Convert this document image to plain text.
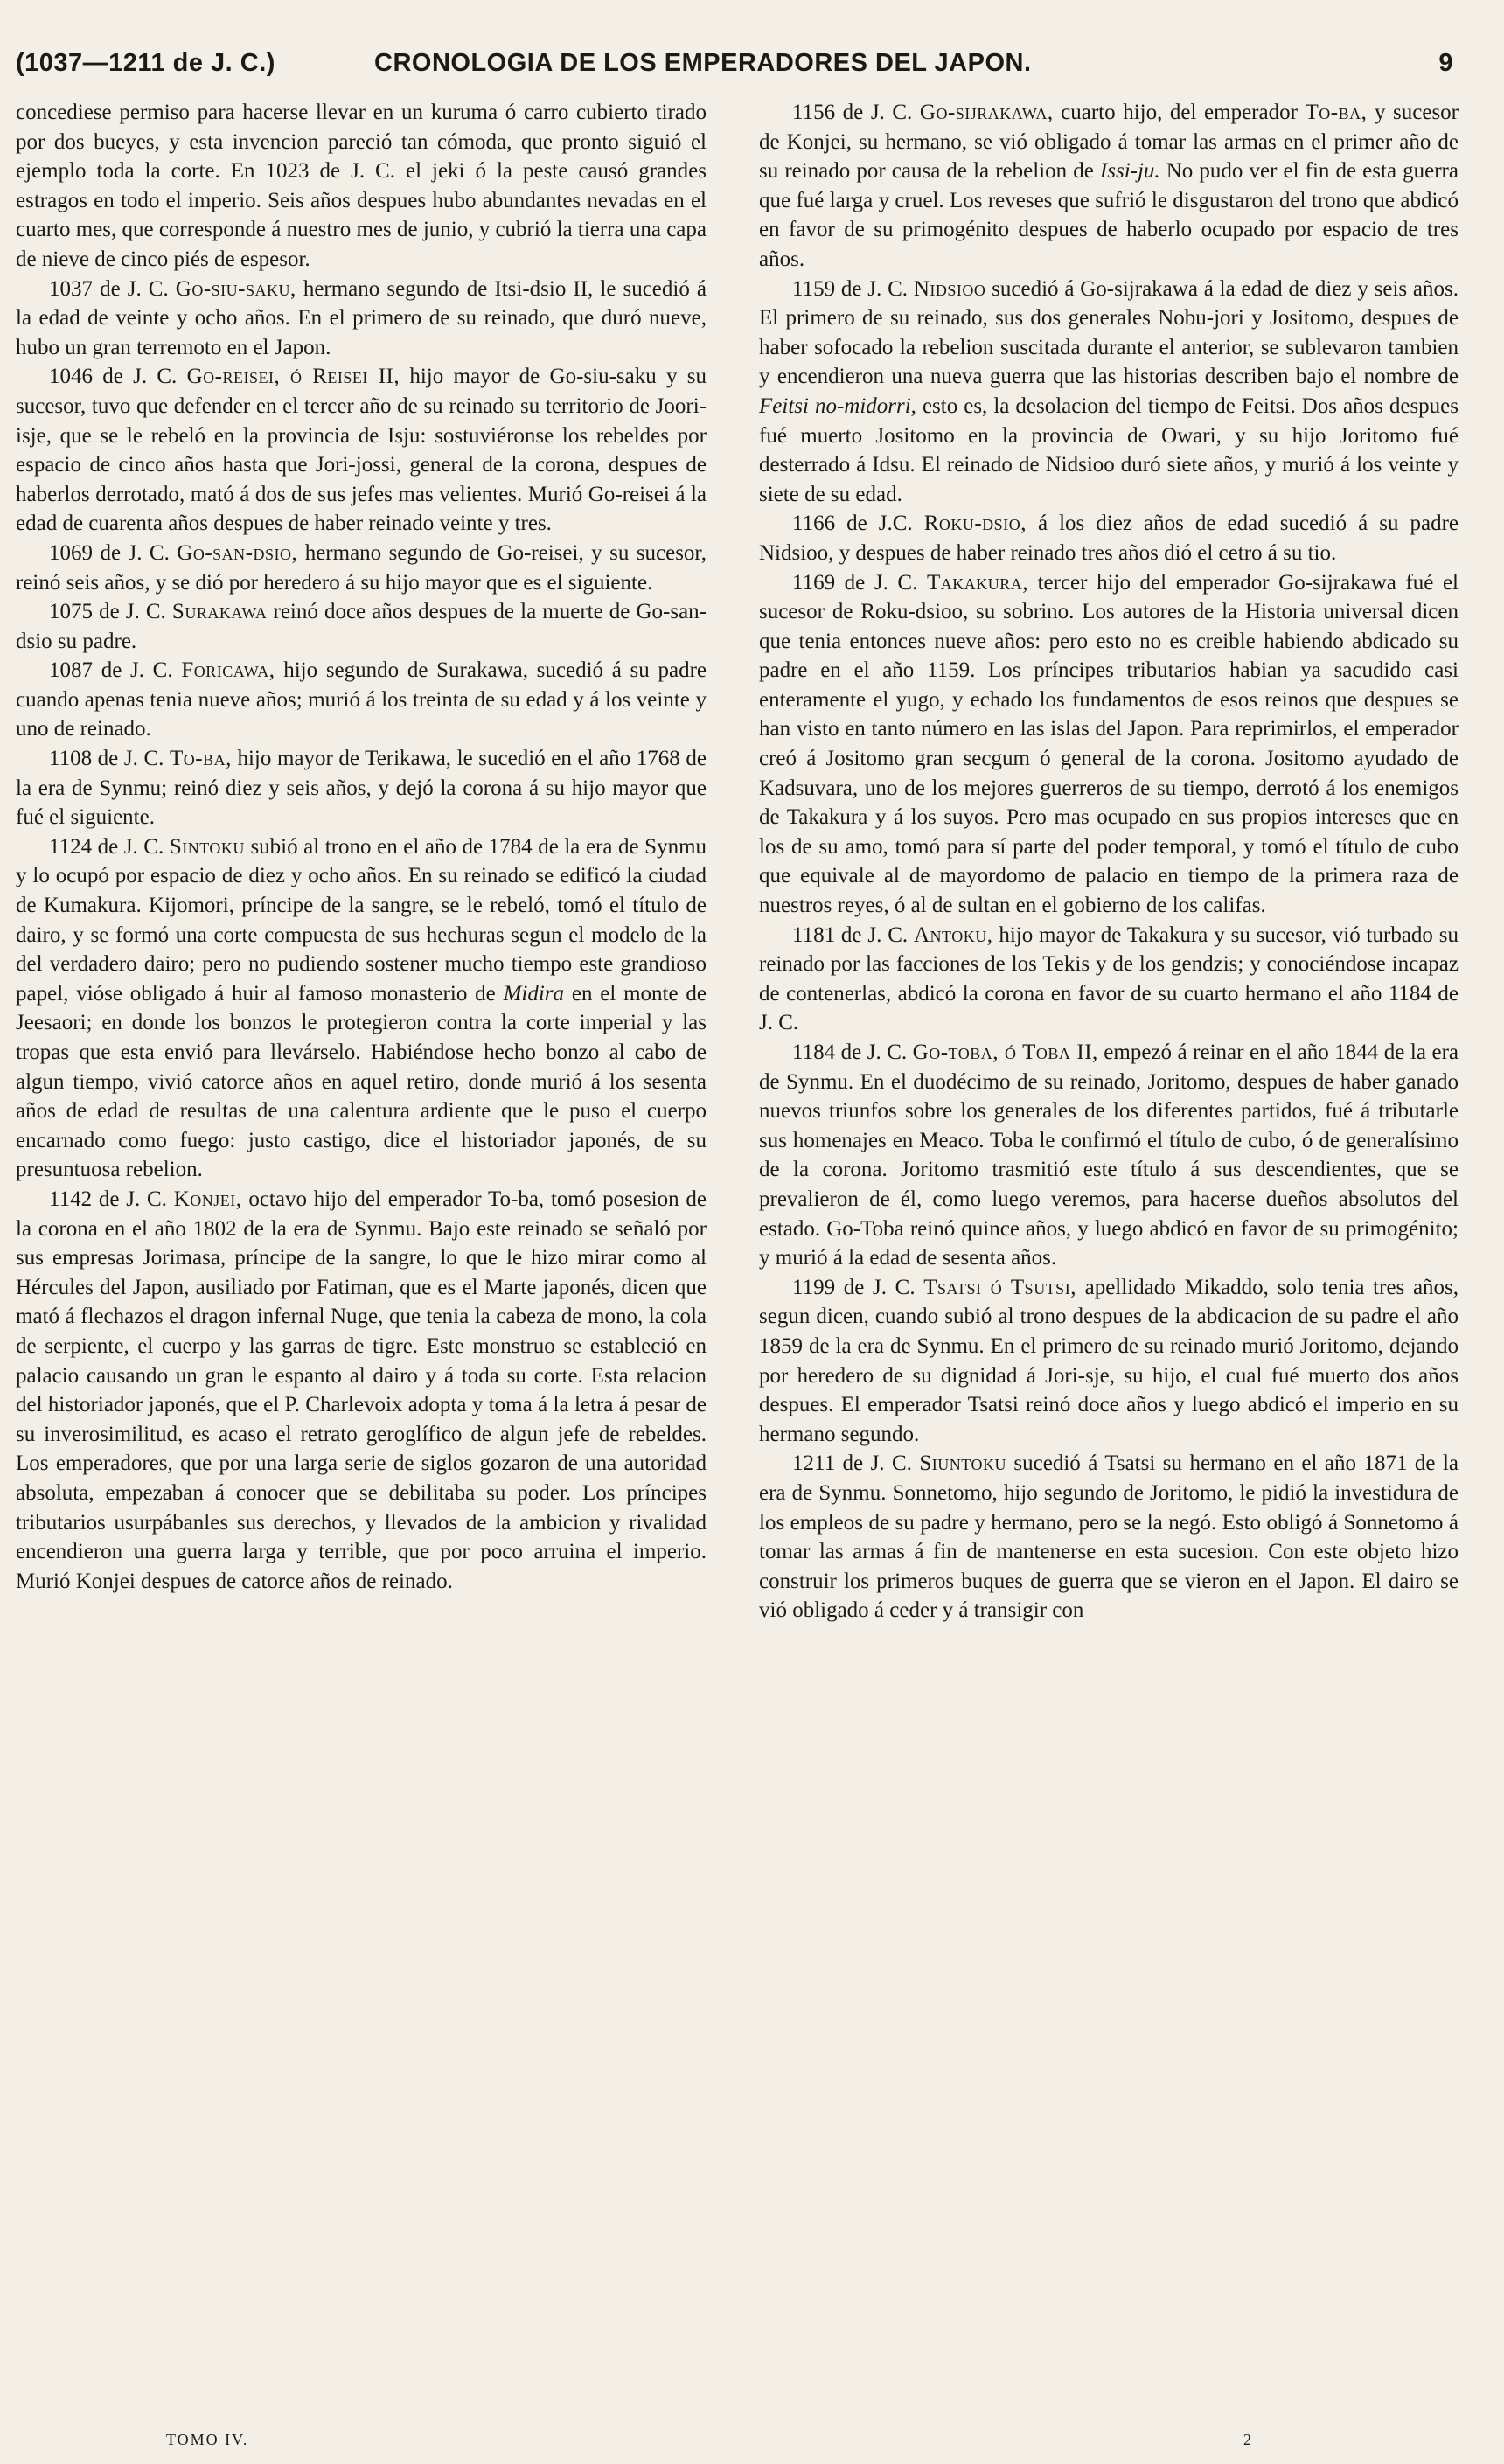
(1037—1211 de J. C.)	CRONOLOGIA DE LOS EMPERADORES DEL JAPON.	9

concediese permiso para hacerse llevar en un kuruma ó carro cubierto tirado por dos bueyes, y esta invencion pareció tan cómoda, que pronto siguió el ejemplo toda la corte. En 1023 de J. C. el jeki ó la peste causó grandes estragos en todo el imperio. Seis años despues hubo abundantes nevadas en el cuarto mes, que corresponde á nuestro mes de junio, y cubrió la tierra una capa de nieve de cinco piés de espesor.

1037 de J. C. Go-siu-saku, hermano segundo de Itsi-dsio II, le sucedió á la edad de veinte y ocho años. En el primero de su reinado, que duró nueve, hubo un gran terremoto en el Japon.

1046 de J. C. Go-reisei, ó Reisei II, hijo mayor de Go-siu-saku y su sucesor, tuvo que defender en el tercer año de su reinado su territorio de Joori-isje, que se le rebeló en la provincia de Isju: sostuviéronse los rebeldes por espacio de cinco años hasta que Jori-jossi, general de la corona, despues de haberlos derrotado, mató á dos de sus jefes mas velientes. Murió Go-reisei á la edad de cuarenta años despues de haber reinado veinte y tres.

1069 de J. C. Go-san-dsio, hermano segundo de Go-reisei, y su sucesor, reinó seis años, y se dió por heredero á su hijo mayor que es el siguiente.

1075 de J. C. Surakawa reinó doce años despues de la muerte de Go-san-dsio su padre.

1087 de J. C. Foricawa, hijo segundo de Surakawa, sucedió á su padre cuando apenas tenia nueve años; murió á los treinta de su edad y á los veinte y uno de reinado.

1108 de J. C. To-ba, hijo mayor de Terikawa, le sucedió en el año 1768 de la era de Synmu; reinó diez y seis años, y dejó la corona á su hijo mayor que fué el siguiente.

1124 de J. C. Sintoku subió al trono en el año de 1784 de la era de Synmu y lo ocupó por espacio de diez y ocho años. En su reinado se edificó la ciudad de Kumakura. Kijomori, príncipe de la sangre, se le rebeló, tomó el título de dairo, y se formó una corte compuesta de sus hechuras segun el modelo de la del verdadero dairo; pero no pudiendo sostener mucho tiempo este grandioso papel, vióse obligado á huir al famoso monasterio de Midira en el monte de Jeesaori; en donde los bonzos le protegieron contra la corte imperial y las tropas que esta envió para llevárselo. Habiéndose hecho bonzo al cabo de algun tiempo, vivió catorce años en aquel retiro, donde murió á los sesenta años de edad de resultas de una calentura ardiente que le puso el cuerpo encarnado como fuego: justo castigo, dice el historiador japonés, de su presuntuosa rebelion.

1142 de J. C. Konjei, octavo hijo del emperador To-ba, tomó posesion de la corona en el año 1802 de la era de Synmu. Bajo este reinado se señaló por sus empresas Jorimasa, príncipe de la sangre, lo que le hizo mirar como al Hércules del Japon, ausiliado por Fatiman, que es el Marte japonés, dicen que mató á flechazos el dragon infernal Nuge, que tenia la cabeza de mono, la cola de serpiente, el cuerpo y las garras de tigre. Este monstruo se estableció en palacio causando un gran le espanto al dairo y á toda su corte. Esta relacion del historiador japonés, que el P. Charlevoix adopta y toma á la letra á pesar de su inverosimilitud, es acaso el retrato geroglífico de algun jefe de rebeldes. Los emperadores, que por una larga serie de siglos gozaron de una autoridad absoluta, empezaban á conocer que se debilitaba su poder. Los príncipes tributarios usurpábanles sus derechos, y llevados de la ambicion y rivalidad encendieron una guerra larga y terrible, que por poco arruina el imperio. Murió Konjei despues de catorce años de reinado.

1156 de J. C. Go-sijrakawa, cuarto hijo, del emperador To-ba, y sucesor de Konjei, su hermano, se vió obligado á tomar las armas en el primer año de su reinado por causa de la rebelion de Issi-ju. No pudo ver el fin de esta guerra que fué larga y cruel. Los reveses que sufrió le disgustaron del trono que abdicó en favor de su primogénito despues de haberlo ocupado por espacio de tres años.

1159 de J. C. Nidsioo sucedió á Go-sijrakawa á la edad de diez y seis años. El primero de su reinado, sus dos generales Nobu-jori y Jositomo, despues de haber sofocado la rebelion suscitada durante el anterior, se sublevaron tambien y encendieron una nueva guerra que las historias describen bajo el nombre de Feitsi no-midorri, esto es, la desolacion del tiempo de Feitsi. Dos años despues fué muerto Jositomo en la provincia de Owari, y su hijo Joritomo fué desterrado á Idsu. El reinado de Nidsioo duró siete años, y murió á los veinte y siete de su edad.

1166 de J.C. Roku-dsio, á los diez años de edad sucedió á su padre Nidsioo, y despues de haber reinado tres años dió el cetro á su tio.

1169 de J. C. Takakura, tercer hijo del emperador Go-sijrakawa fué el sucesor de Roku-dsioo, su sobrino. Los autores de la Historia universal dicen que tenia entonces nueve años: pero esto no es creible habiendo abdicado su padre en el año 1159. Los príncipes tributarios habian ya sacudido casi enteramente el yugo, y echado los fundamentos de esos reinos que despues se han visto en tanto número en las islas del Japon. Para reprimirlos, el emperador creó á Jositomo gran secgum ó general de la corona. Jositomo ayudado de Kadsuvara, uno de los mejores guerreros de su tiempo, derrotó á los enemigos de Takakura y á los suyos. Pero mas ocupado en sus propios intereses que en los de su amo, tomó para sí parte del poder temporal, y tomó el título de cubo que equivale al de mayordomo de palacio en tiempo de la primera raza de nuestros reyes, ó al de sultan en el gobierno de los califas.

1181 de J. C. Antoku, hijo mayor de Takakura y su sucesor, vió turbado su reinado por las facciones de los Tekis y de los gendzis; y conociéndose incapaz de contenerlas, abdicó la corona en favor de su cuarto hermano el año 1184 de J. C.

1184 de J. C. Go-toba, ó Toba II, empezó á reinar en el año 1844 de la era de Synmu. En el duodécimo de su reinado, Joritomo, despues de haber ganado nuevos triunfos sobre los generales de los diferentes partidos, fué á tributarle sus homenajes en Meaco. Toba le confirmó el título de cubo, ó de generalísimo de la corona. Joritomo trasmitió este título á sus descendientes, que se prevalieron de él, como luego veremos, para hacerse dueños absolutos del estado. Go-Toba reinó quince años, y luego abdicó en favor de su primogénito; y murió á la edad de sesenta años.

1199 de J. C. Tsatsi ó Tsutsi, apellidado Mikaddo, solo tenia tres años, segun dicen, cuando subió al trono despues de la abdicacion de su padre el año 1859 de la era de Synmu. En el primero de su reinado murió Joritomo, dejando por heredero de su dignidad á Jori-sje, su hijo, el cual fué muerto dos años despues. El emperador Tsatsi reinó doce años y luego abdicó el imperio en su hermano segundo.

1211 de J. C. Siuntoku sucedió á Tsatsi su hermano en el año 1871 de la era de Synmu. Sonnetomo, hijo segundo de Joritomo, le pidió la investidura de los empleos de su padre y hermano, pero se la negó. Esto obligó á Sonnetomo á tomar las armas á fin de mantenerse en esta sucesion. Con este objeto hizo construir los primeros buques de guerra que se vieron en el Japon. El dairo se vió obligado á ceder y á transigir con

TOMO IV.	2
